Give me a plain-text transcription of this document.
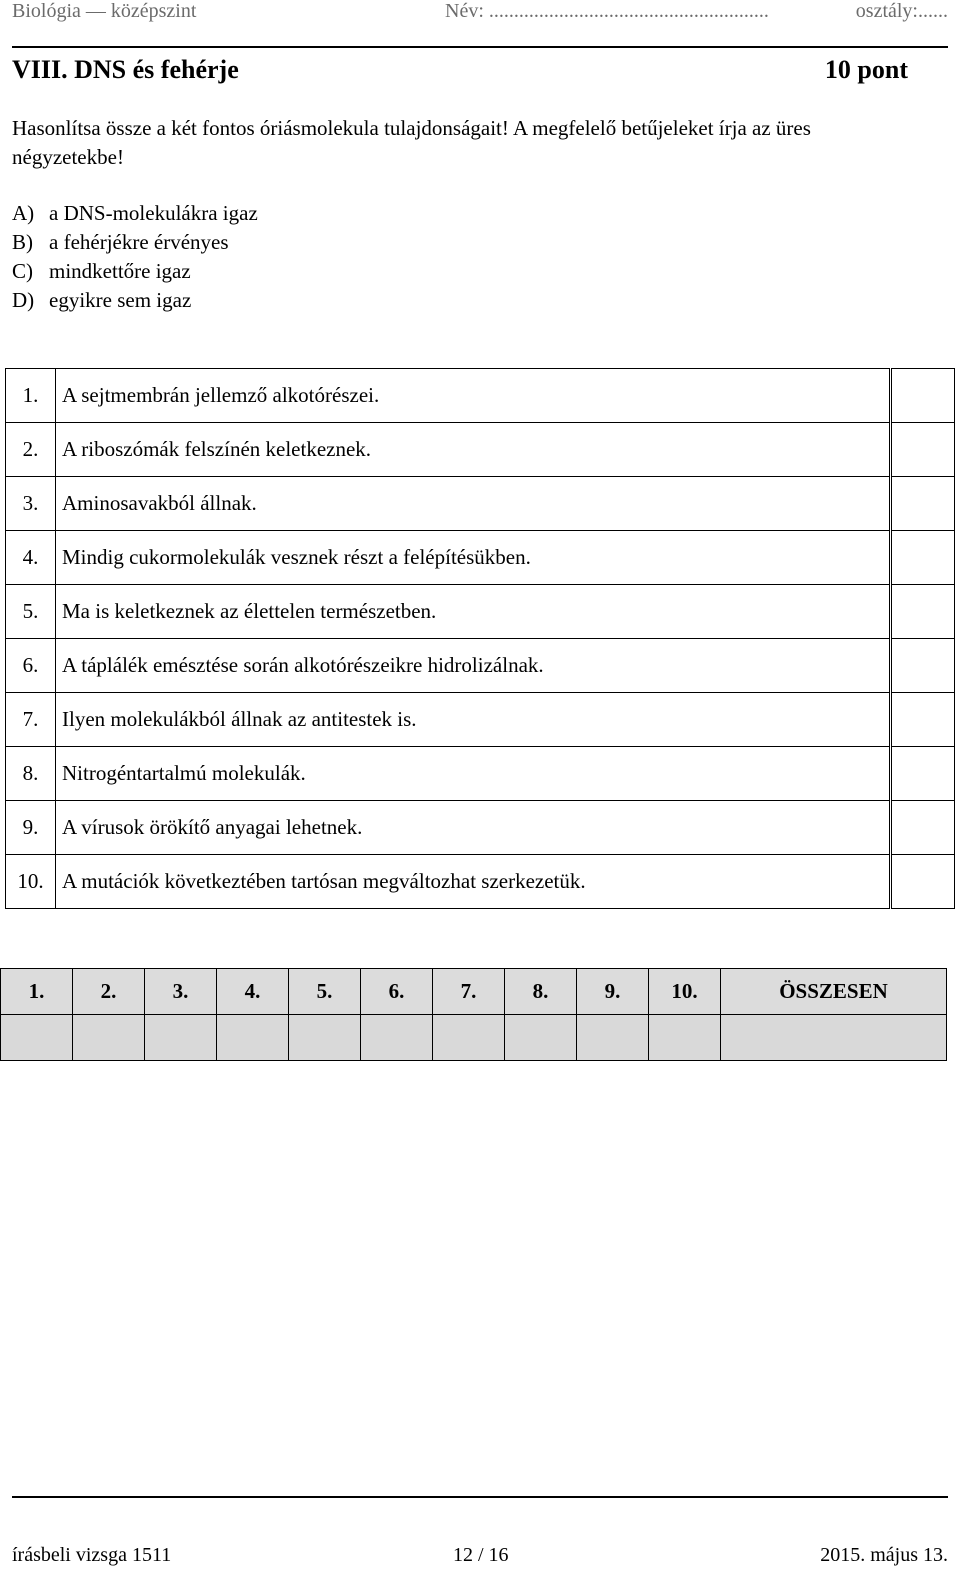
Biológia — középszint	Név: ........................................................	osztály:......
VIII. DNS és fehérje	10 pont
Hasonlítsa össze a két fontos óriásmolekula tulajdonságait! A megfelelő betűjeleket írja az üres négyzetekbe!
A) a DNS-molekulákra igaz
B) a fehérjékre érvényes
C) mindkettőre igaz
D) egyikre sem igaz
1.	A sejtmembrán jellemző alkotórészei.		
2.	A riboszómák felszínén keletkeznek.		
3.	Aminosavakból állnak.		
4.	Mindig cukormolekulák vesznek részt a felépítésükben.		
5.	Ma is keletkeznek az élettelen természetben.		
6.	A táplálék emésztése során alkotórészeikre hidrolizálnak.		
7.	Ilyen molekulákból állnak az antitestek is.		
8.	Nitrogéntartalmú molekulák.		
9.	A vírusok örökítő anyagai lehetnek.		
10.	A mutációk következtében tartósan megváltozhat szerkezetük.		
1.	2.	3.	4.	5.	6.	7.	8.	9.	10.	ÖSSZESEN

írásbeli vizsga 1511	12 / 16	2015. május 13.
